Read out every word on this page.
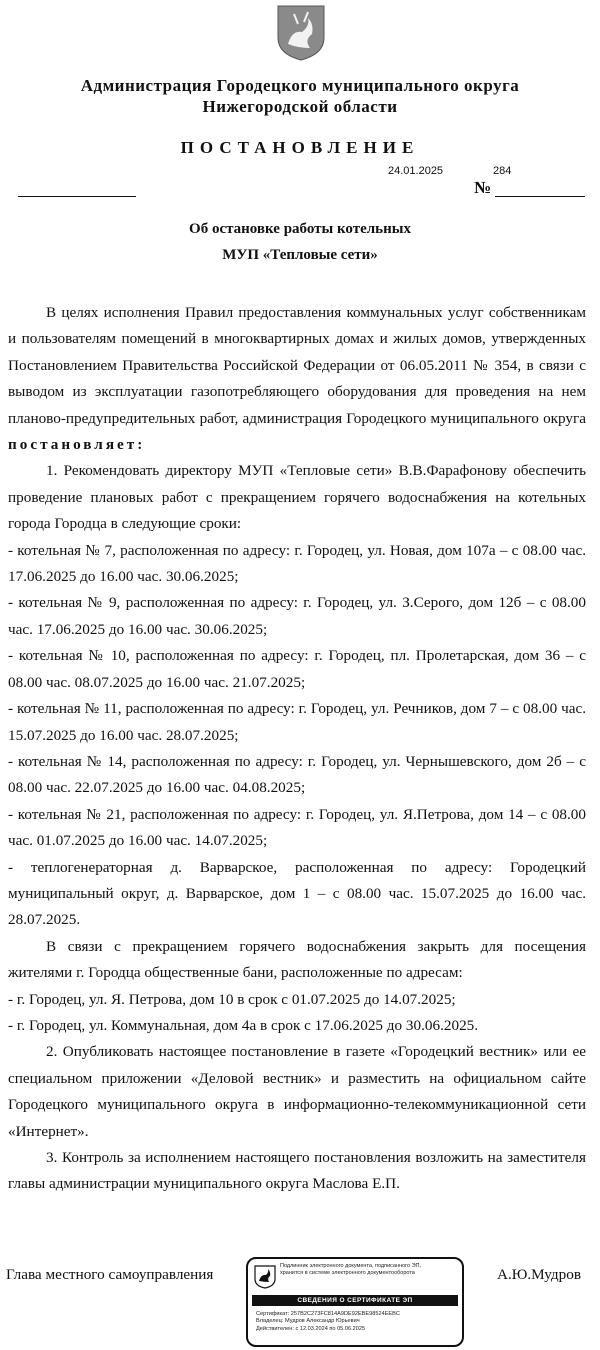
Администрация Городецкого муниципального округа
Нижегородской области
ПОСТАНОВЛЕНИЕ
24.01.2025	284
№
Об остановке работы котельных
МУП «Тепловые сети»

В целях исполнения Правил предоставления коммунальных услуг собственникам и пользователям помещений в многоквартирных домах и жилых домов, утвержденных Постановлением Правительства Российской Федерации от 06.05.2011 № 354, в связи с выводом из эксплуатации газопотребляющего оборудования для проведения на нем планово-предупредительных работ, администрация Городецкого муниципального округа постановляет:

1. Рекомендовать директору МУП «Тепловые сети» В.В.Фарафонову обеспечить проведение плановых работ с прекращением горячего водоснабжения на котельных города Городца в следующие сроки:

- котельная № 7, расположенная по адресу: г. Городец, ул. Новая, дом 107а – с 08.00 час. 17.06.2025 до 16.00 час. 30.06.2025;

- котельная № 9, расположенная по адресу: г. Городец, ул. З.Серого, дом 12б – с 08.00 час. 17.06.2025 до 16.00 час. 30.06.2025;

- котельная № 10, расположенная по адресу: г. Городец, пл. Пролетарская, дом 36 – с 08.00 час. 08.07.2025 до 16.00 час. 21.07.2025;

- котельная № 11, расположенная по адресу: г. Городец, ул. Речников, дом 7 – с 08.00 час. 15.07.2025 до 16.00 час. 28.07.2025;

- котельная № 14, расположенная по адресу: г. Городец, ул. Чернышевского, дом 2б – с 08.00 час. 22.07.2025 до 16.00 час. 04.08.2025;

- котельная № 21, расположенная по адресу: г. Городец, ул. Я.Петрова, дом 14 – с 08.00 час. 01.07.2025 до 16.00 час. 14.07.2025;

- теплогенераторная д. Варварское, расположенная по адресу: Городецкий муниципальный округ, д. Варварское, дом 1 – с 08.00 час. 15.07.2025 до 16.00 час. 28.07.2025.

В связи с прекращением горячего водоснабжения закрыть для посещения жителями г. Городца общественные бани, расположенные по адресам:

- г. Городец, ул. Я. Петрова, дом 10 в срок с 01.07.2025 до 14.07.2025;

- г. Городец, ул. Коммунальная, дом 4а в срок с 17.06.2025 до 30.06.2025.

2. Опубликовать настоящее постановление в газете «Городецкий вестник» или ее специальном приложении «Деловой вестник» и разместить на официальном сайте Городецкого муниципального округа в информационно-телекоммуникационной сети «Интернет».

3. Контроль за исполнением настоящего постановления возложить на заместителя главы администрации муниципального округа Маслова Е.П.

Глава местного самоуправления	Подлинник электронного документа, подписанного ЭП,
хранится в системе электронного документооборота
СВЕДЕНИЯ О СЕРТИФИКАТЕ ЭП
Сертификат: 257B2C273FC814A9DE92EBE98524EEBC
Владелец: Мудров Александр Юрьевич
Действителен: с 12.03.2024 по 05.06.2025
А.Ю.Мудров
